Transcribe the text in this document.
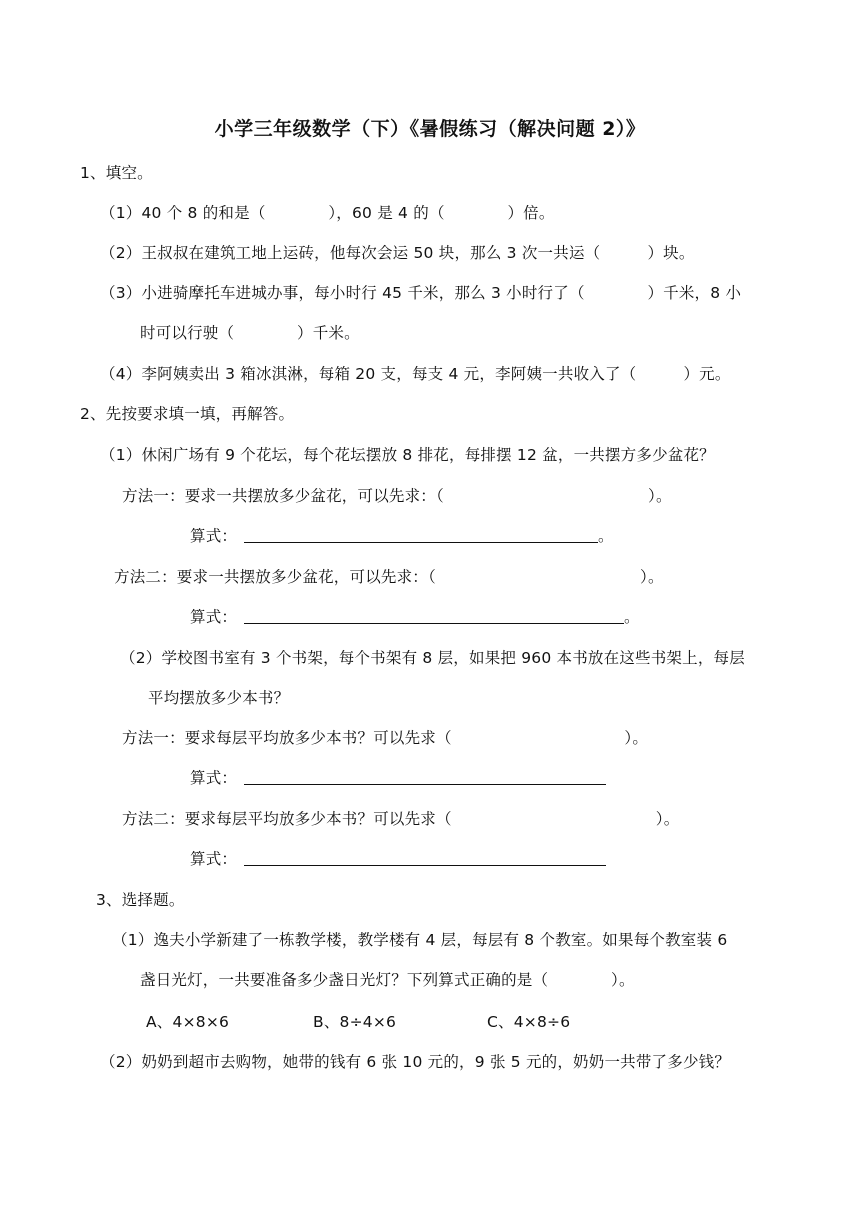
小学三年级数学（下）《暑假练习（解决问题 2）》
1、填空。
（1）40 个 8 的和是（　　　　），60 是 4 的（　　　　）倍。
（2）王叔叔在建筑工地上运砖，他每次会运 50 块，那么 3 次一共运（　　　）块。
（3）小进骑摩托车进城办事，每小时行 45 千米，那么 3 小时行了（　　　　）千米，8 小
时可以行驶（　　　　）千米。
（4）李阿姨卖出 3 箱冰淇淋，每箱 20 支，每支 4 元，李阿姨一共收入了（　　　）元。
2、先按要求填一填，再解答。
（1）休闲广场有 9 个花坛，每个花坛摆放 8 排花，每排摆 12 盆，一共摆方多少盆花？
方法一：要求一共摆放多少盆花，可以先求：（　　　　　　　　　　　　　）。
算式：	。
方法二：要求一共摆放多少盆花，可以先求：（　　　　　　　　　　　　　）。
算式：	。
（2）学校图书室有 3 个书架，每个书架有 8 层，如果把 960 本书放在这些书架上，每层
平均摆放多少本书？
方法一：要求每层平均放多少本书？可以先求（　　　　　　　　　　　）。
算式：
方法二：要求每层平均放多少本书？可以先求（　　　　　　　　　　　　　）。
算式：
3、选择题。
（1）逸夫小学新建了一栋教学楼，教学楼有 4 层，每层有 8 个教室。如果每个教室装 6
盏日光灯，一共要准备多少盏日光灯？下列算式正确的是（　　　　）。
A、4×8×6	B、8÷4×6	C、4×8÷6
（2）奶奶到超市去购物，她带的钱有 6 张 10 元的，9 张 5 元的，奶奶一共带了多少钱？
